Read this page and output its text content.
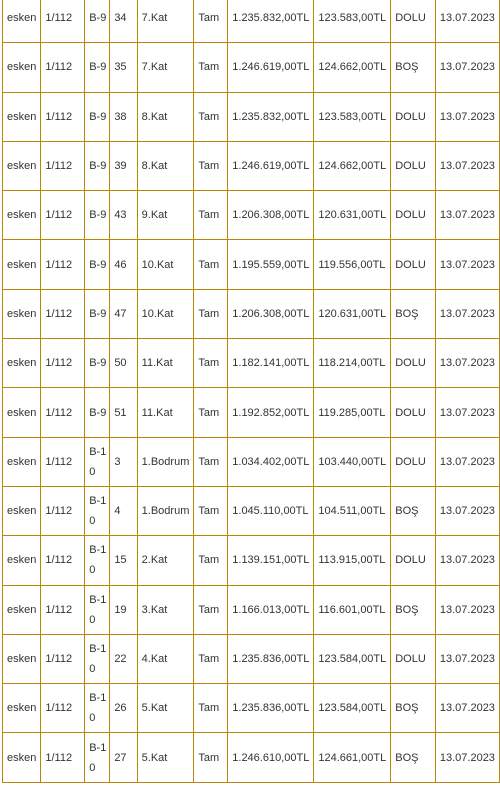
esken	1/112	B-9	34	7.Kat	Tam	1.235.832,00TL	123.583,00TL	DOLU	13.07.2023
esken	1/112	B-9	35	7.Kat	Tam	1.246.619,00TL	124.662,00TL	BOŞ	13.07.2023
esken	1/112	B-9	38	8.Kat	Tam	1.235.832,00TL	123.583,00TL	DOLU	13.07.2023
esken	1/112	B-9	39	8.Kat	Tam	1.246.619,00TL	124.662,00TL	DOLU	13.07.2023
esken	1/112	B-9	43	9.Kat	Tam	1.206.308,00TL	120.631,00TL	DOLU	13.07.2023
esken	1/112	B-9	46	10.Kat	Tam	1.195.559,00TL	119.556,00TL	DOLU	13.07.2023
esken	1/112	B-9	47	10.Kat	Tam	1.206.308,00TL	120.631,00TL	BOŞ	13.07.2023
esken	1/112	B-9	50	11.Kat	Tam	1.182.141,00TL	118.214,00TL	DOLU	13.07.2023
esken	1/112	B-9	51	11.Kat	Tam	1.192.852,00TL	119.285,00TL	DOLU	13.07.2023
esken	1/112	B-10	3	1.Bodrum	Tam	1.034.402,00TL	103.440,00TL	DOLU	13.07.2023
esken	1/112	B-10	4	1.Bodrum	Tam	1.045.110,00TL	104.511,00TL	BOŞ	13.07.2023
esken	1/112	B-10	15	2.Kat	Tam	1.139.151,00TL	113.915,00TL	DOLU	13.07.2023
esken	1/112	B-10	19	3.Kat	Tam	1.166.013,00TL	116.601,00TL	BOŞ	13.07.2023
esken	1/112	B-10	22	4.Kat	Tam	1.235.836,00TL	123.584,00TL	DOLU	13.07.2023
esken	1/112	B-10	26	5.Kat	Tam	1.235.836,00TL	123.584,00TL	BOŞ	13.07.2023
esken	1/112	B-10	27	5.Kat	Tam	1.246.610,00TL	124.661,00TL	BOŞ	13.07.2023
